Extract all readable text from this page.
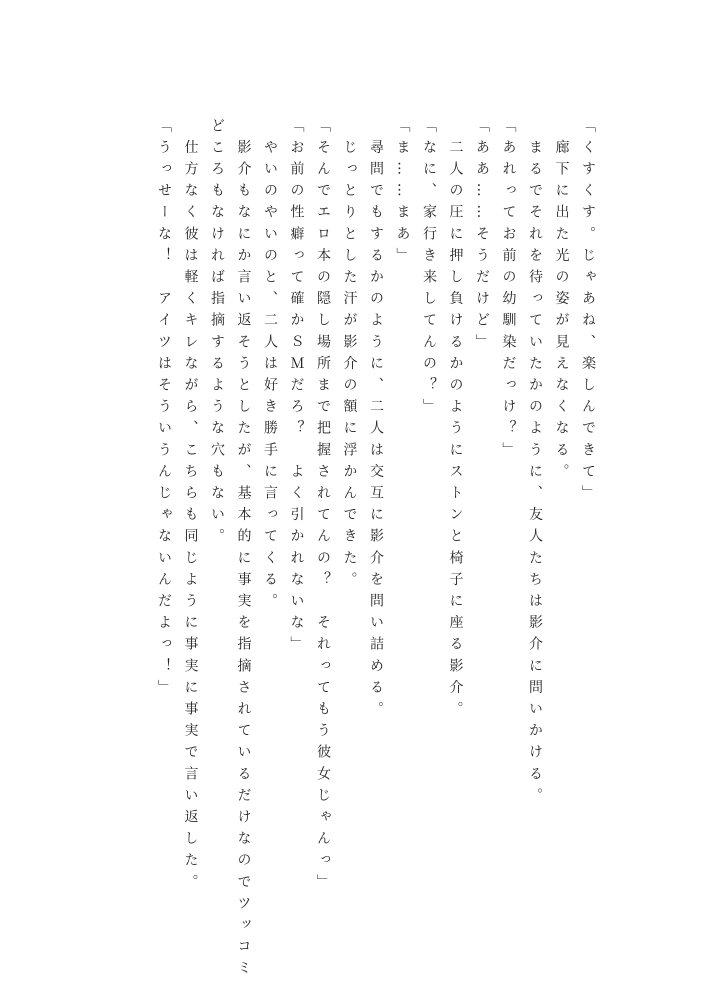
「くすくす。じゃあね、楽しんできて」

　廊下に出た光の姿が見えなくなる。

　まるでそれを待っていたかのように、友人たちは影介に問いかける。

「あれってお前の幼馴染だっけ？」

「ああ……そうだけど」

　二人の圧に押し負けるかのようにストンと椅子に座る影介。

「なに、家行き来してんの？」

「ま……まあ」

　尋問でもするかのように、二人は交互に影介を問い詰める。

　じっとりとした汗が影介の額に浮かんできた。

「そんでエロ本の隠し場所まで把握されてんの？　それってもう彼女じゃんっ」

「お前の性癖って確かＳＭだろ？　よく引かれないな」

　やいのやいのと、二人は好き勝手に言ってくる。

　影介もなにか言い返そうとしたが、基本的に事実を指摘されているだけなのでツッコミ

どころもなければ指摘するような穴もない。

　仕方なく彼は軽くキレながら、こちらも同じように事実に事実で言い返した。

「うっせーな！　アイツはそういうんじゃないんだよっ！」
